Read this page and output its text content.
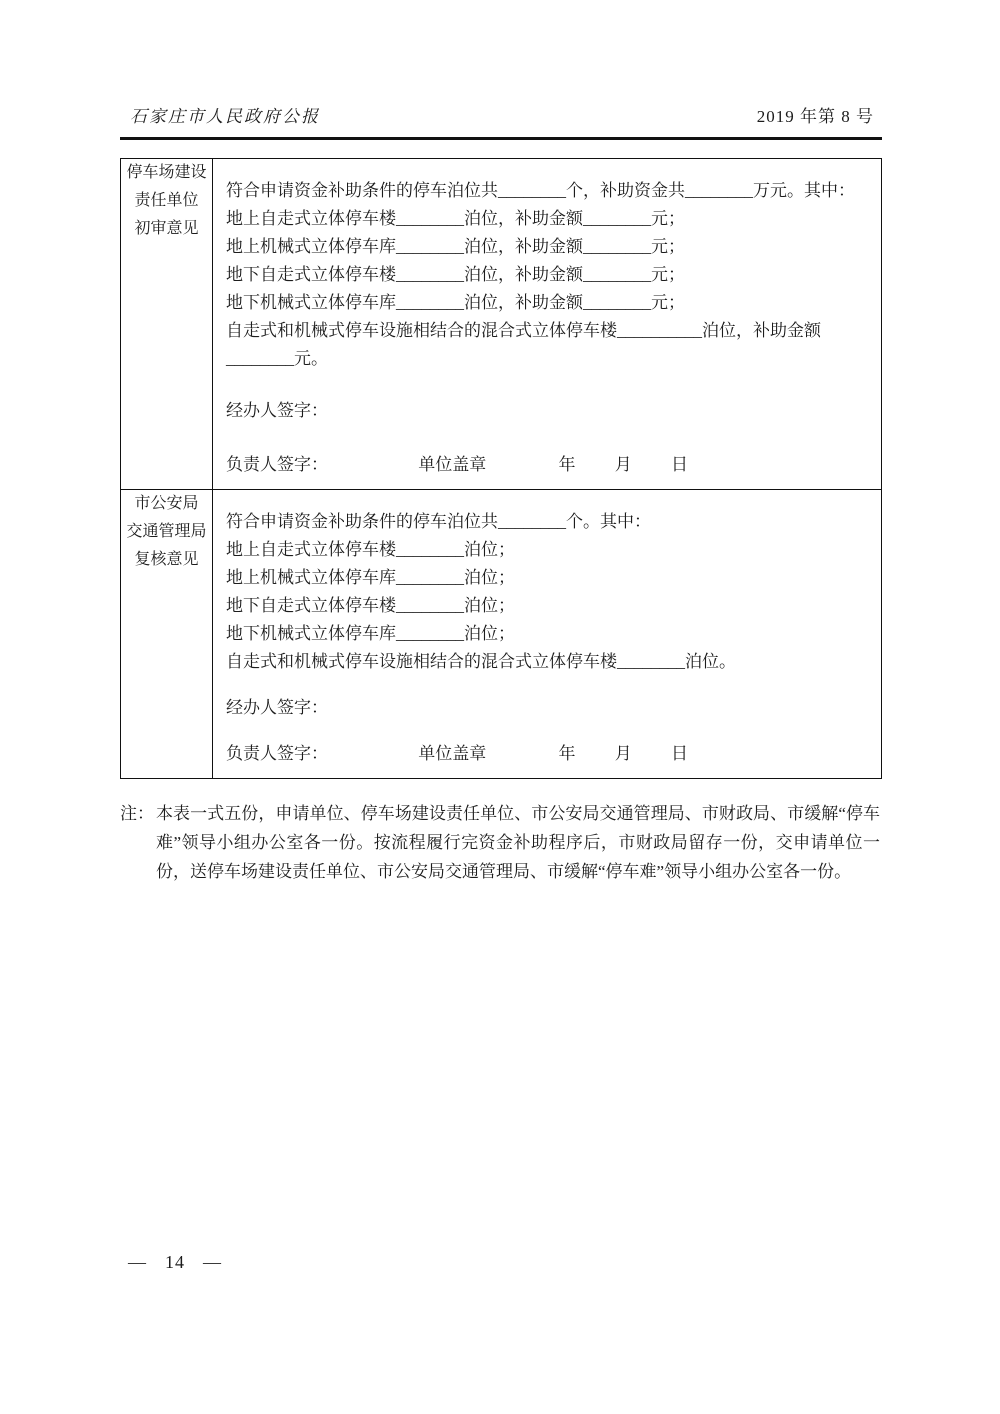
石家庄市人民政府公报	2019 年第 8 号
停车场建设
责任单位
初审意见

符合申请资金补助条件的停车泊位共________个，补助资金共________万元。其中：
地上自走式立体停车楼________泊位，补助金额________元；
地上机械式立体停车库________泊位，补助金额________元；
地下自走式立体停车楼________泊位，补助金额________元；
地下机械式立体停车库________泊位，补助金额________元；
自走式和机械式停车设施相结合的混合式立体停车楼__________泊位，补助金额________元。
经办人签字：
负责人签字：	单位盖章	年 月 日

市公安局
交通管理局
复核意见

符合申请资金补助条件的停车泊位共________个。其中：
地上自走式立体停车楼________泊位；
地上机械式立体停车库________泊位；
地下自走式立体停车楼________泊位；
地下机械式立体停车库________泊位；
自走式和机械式停车设施相结合的混合式立体停车楼________泊位。
经办人签字：
负责人签字：	单位盖章	年 月 日
注： 本表一式五份，申请单位、停车场建设责任单位、市公安局交通管理局、市财政局、市缓解“停车难”领导小组办公室各一份。按流程履行完资金补助程序后，市财政局留存一份，交申请单位一份，送停车场建设责任单位、市公安局交通管理局、市缓解“停车难”领导小组办公室各一份。
— 14 —
